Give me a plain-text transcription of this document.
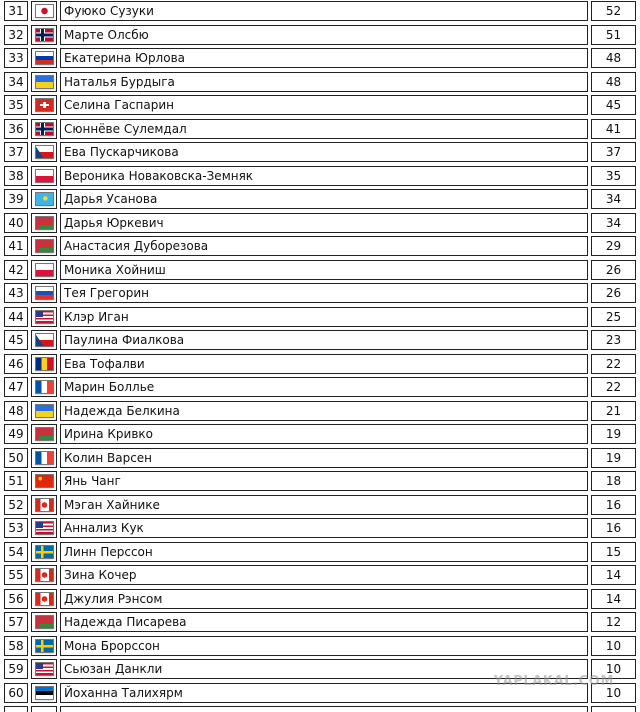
31	Фуюко Сузуки	52
32	Марте Олсбю	51
33	Екатерина Юрлова	48
34	Наталья Бурдыга	48
35	Селина Гаспарин	45
36	Сюннёве Сулемдал	41
37	Ева Пускарчикова	37
38	Вероника Новаковска-Земняк	35
39	Дарья Усанова	34
40	Дарья Юркевич	34
41	Анастасия Дуборезова	29
42	Моника Хойниш	26
43	Тея Грегорин	26
44	Клэр Иган	25
45	Паулина Фиалкова	23
46	Ева Тофалви	22
47	Марин Болльe	22
48	Надежда Белкина	21
49	Ирина Кривко	19
50	Колин Варсен	19
51	Янь Чанг	18
52	Мэган Хайнике	16
53	Аннализ Кук	16
54	Линн Перссон	15
55	Зина Кочер	14
56	Джулия Рэнсом	14
57	Надежда Писарева	12
58	Мона Брорссон	10
59	Сьюзан Данкли	10
60	Йоханна Талихярм	10
YAPLAKAL.COM
